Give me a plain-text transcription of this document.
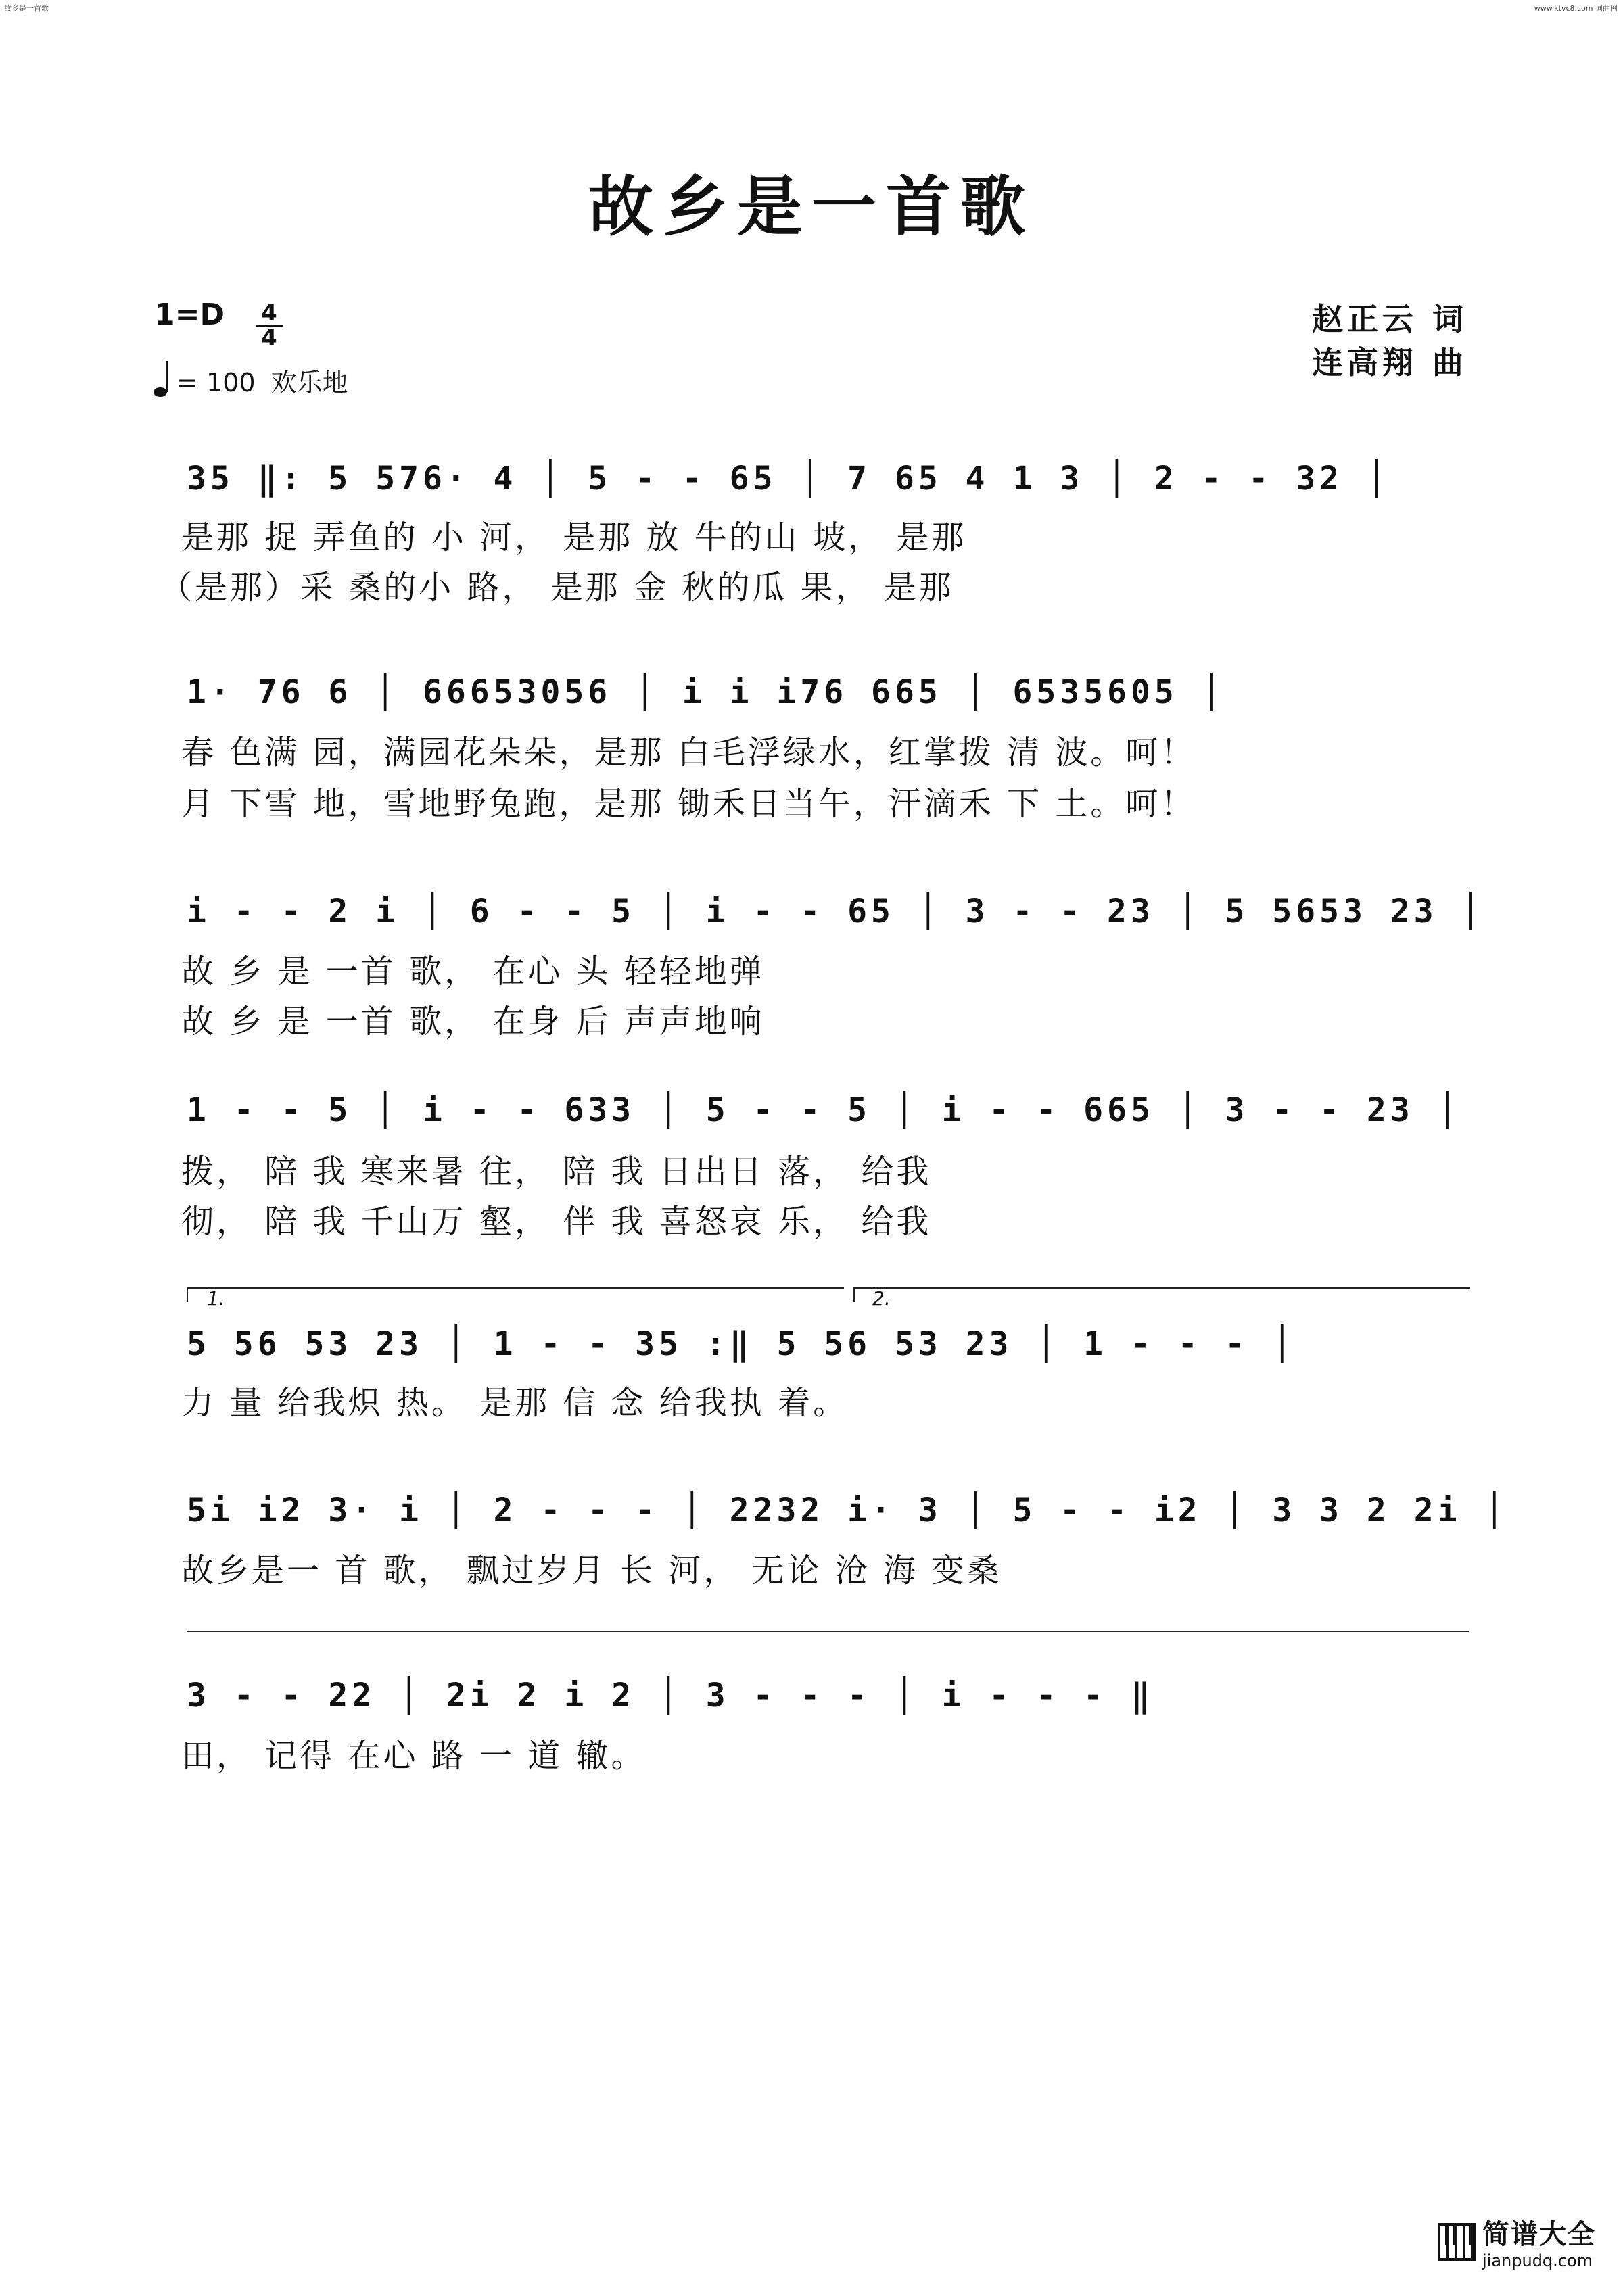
故乡是一首歌	www.ktvc8.com 词曲网
故乡是一首歌
1=D 4
4
= 100 欢乐地
赵正云 词
连高翔 曲
35 ‖: 5 576· 4 │ 5 - - 65 │ 7 65 4 1 3 │ 2 - - 32 │
是那 捉 弄鱼的 小 河， 是那 放 牛的山 坡， 是那
（是那）采 桑的小 路， 是那 金 秋的瓜 果， 是那
1· 76 6 │ 66653056 │ i i i76 665 │ 6535605 │
春 色满 园，满园花朵朵，是那 白毛浮绿水，红掌拨 清 波。呵！
月 下雪 地，雪地野兔跑，是那 锄禾日当午，汗滴禾 下 土。呵！
i - - 2 i │ 6 - - 5 │ i - - 65 │ 3 - - 23 │ 5 5653 23 │
故 乡 是 一首 歌， 在心 头 轻轻地弹
故 乡 是 一首 歌， 在身 后 声声地响
1 - - 5 │ i - - 633 │ 5 - - 5 │ i - - 665 │ 3 - - 23 │
拨， 陪 我 寒来暑 往， 陪 我 日出日 落， 给我
彻， 陪 我 千山万 壑， 伴 我 喜怒哀 乐， 给我
1.	2.
5 56 53 23 │ 1 - - 35 :‖ 5 56 53 23 │ 1 - - - │
力 量 给我炽 热。 是那 信 念 给我执 着。
5i i2 3· i │ 2 - - - │ 2232 i· 3 │ 5 - - i2 │ 3 3 2 2i │
故乡是一 首 歌， 飘过岁月 长 河， 无论 沧 海 变桑
3 - - 22 │ 2i 2 i 2 │ 3 - - - │ i - - - ‖
田， 记得 在心 路 一 道 辙。
简谱大全
jianpudq.com
